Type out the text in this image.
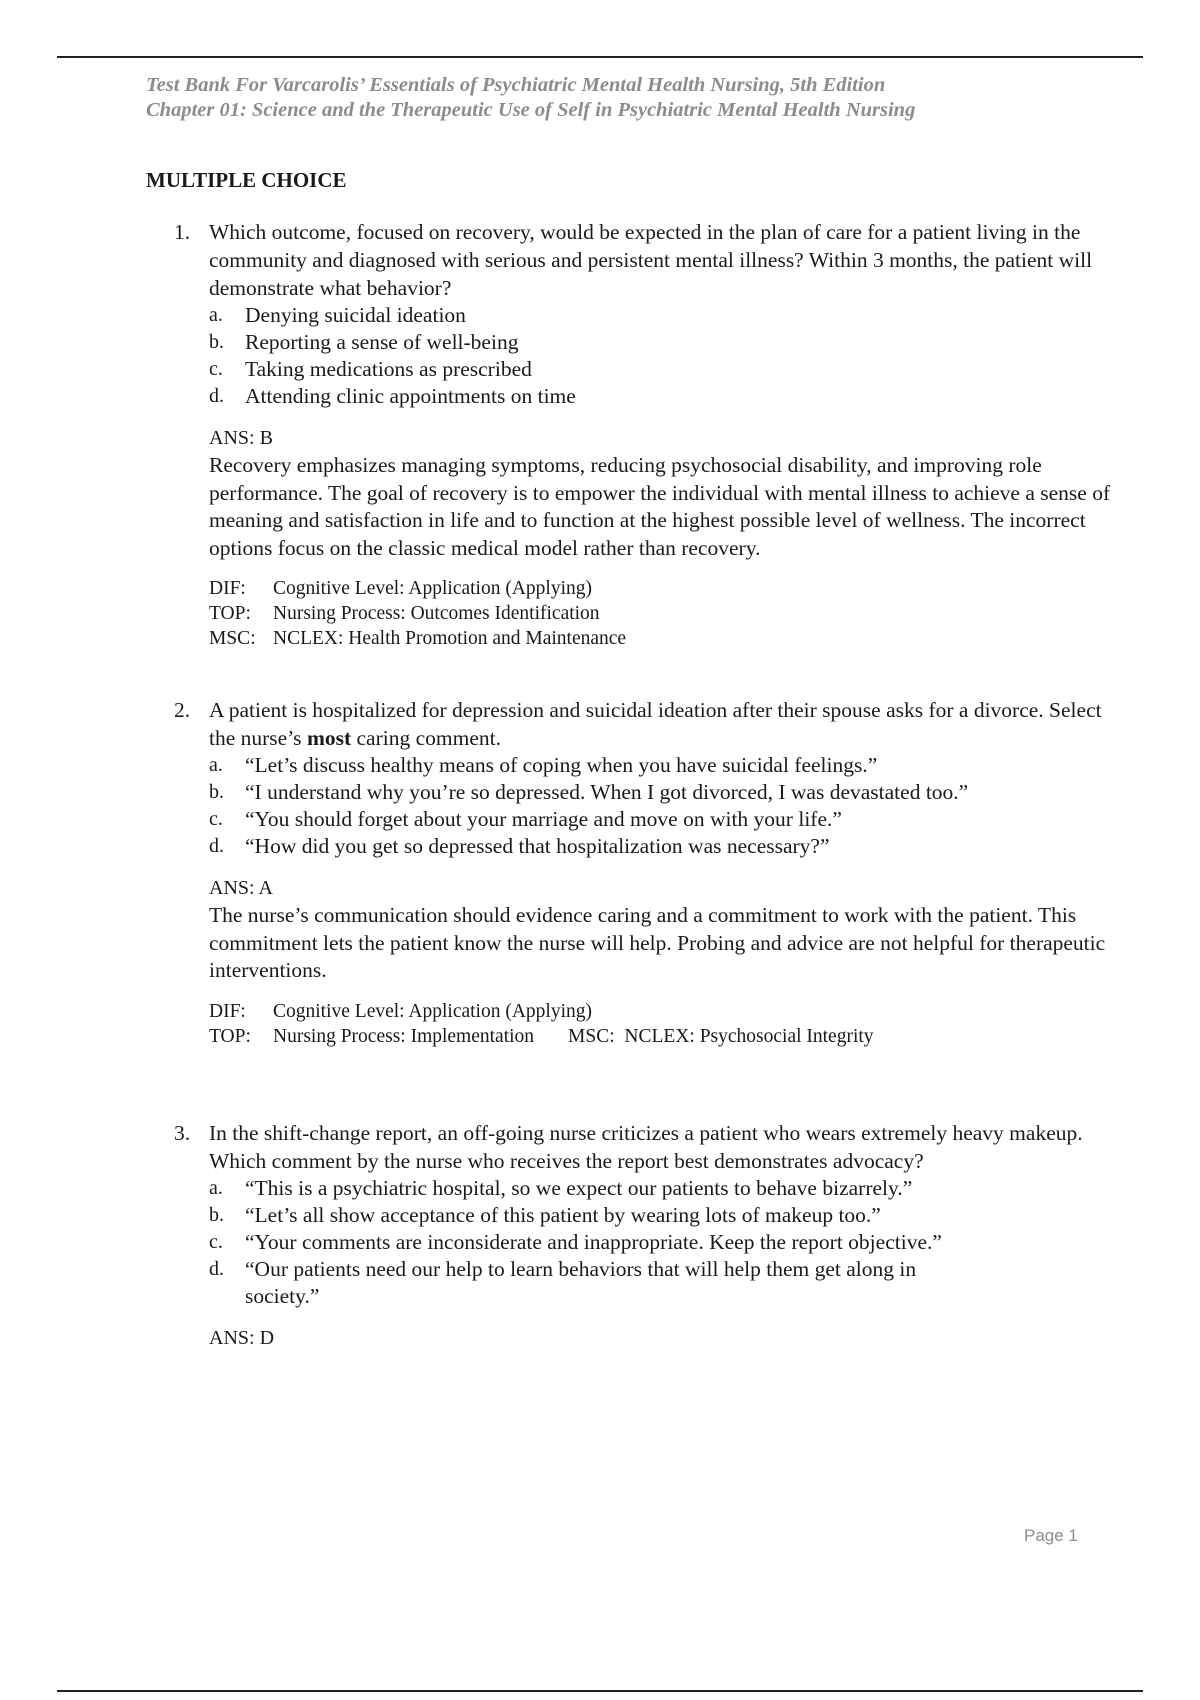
Test Bank For Varcarolis’ Essentials of Psychiatric Mental Health Nursing, 5th Edition
Chapter 01: Science and the Therapeutic Use of Self in Psychiatric Mental Health Nursing
MULTIPLE CHOICE
1. Which outcome, focused on recovery, would be expected in the plan of care for a patient living in the community and diagnosed with serious and persistent mental illness? Within 3 months, the patient will demonstrate what behavior?
a. Denying suicidal ideation
b. Reporting a sense of well-being
c. Taking medications as prescribed
d. Attending clinic appointments on time
ANS: B
Recovery emphasizes managing symptoms, reducing psychosocial disability, and improving role performance. The goal of recovery is to empower the individual with mental illness to achieve a sense of meaning and satisfaction in life and to function at the highest possible level of wellness. The incorrect options focus on the classic medical model rather than recovery.
DIF: Cognitive Level: Application (Applying)
TOP: Nursing Process: Outcomes Identification
MSC: NCLEX: Health Promotion and Maintenance
2. A patient is hospitalized for depression and suicidal ideation after their spouse asks for a divorce. Select the nurse’s most caring comment.
a. “Let’s discuss healthy means of coping when you have suicidal feelings.”
b. “I understand why you’re so depressed. When I got divorced, I was devastated too.”
c. “You should forget about your marriage and move on with your life.”
d. “How did you get so depressed that hospitalization was necessary?”
ANS: A
The nurse’s communication should evidence caring and a commitment to work with the patient. This commitment lets the patient know the nurse will help. Probing and advice are not helpful for therapeutic interventions.
DIF: Cognitive Level: Application (Applying)
TOP: Nursing Process: Implementation MSC: NCLEX: Psychosocial Integrity
3. In the shift-change report, an off-going nurse criticizes a patient who wears extremely heavy makeup. Which comment by the nurse who receives the report best demonstrates advocacy?
a. “This is a psychiatric hospital, so we expect our patients to behave bizarrely.”
b. “Let’s all show acceptance of this patient by wearing lots of makeup too.”
c. “Your comments are inconsiderate and inappropriate. Keep the report objective.”
d. “Our patients need our help to learn behaviors that will help them get along in society.”
ANS: D
Page 1
